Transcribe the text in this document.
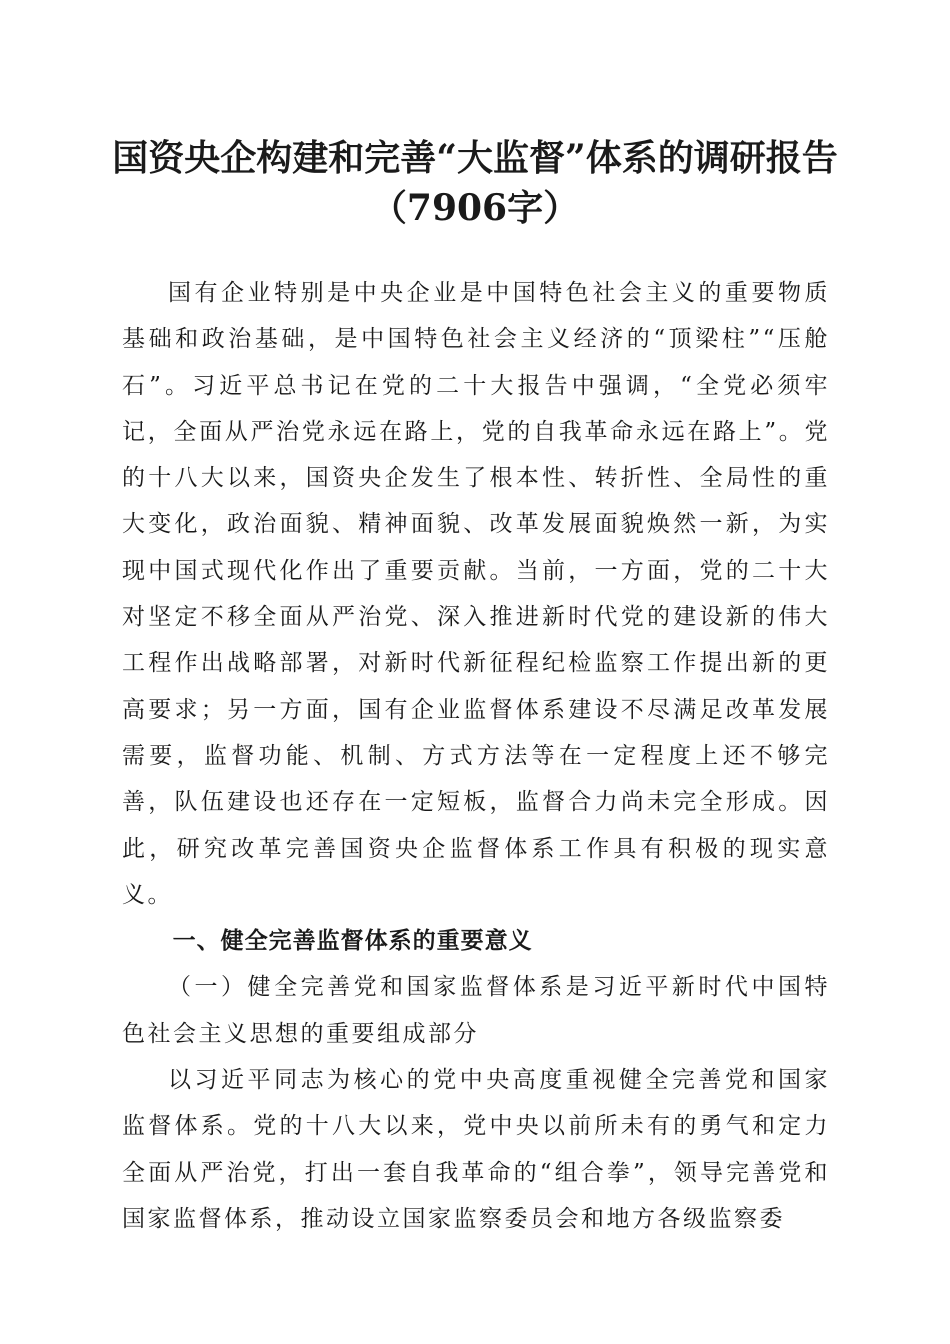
国资央企构建和完善“大监督”体系的调研报告（7906字）

国有企业特别是中央企业是中国特色社会主义的重要物质基础和政治基础，是中国特色社会主义经济的“顶梁柱”“压舱石”。习近平总书记在党的二十大报告中强调，“全党必须牢记，全面从严治党永远在路上，党的自我革命永远在路上”。党的十八大以来，国资央企发生了根本性、转折性、全局性的重大变化，政治面貌、精神面貌、改革发展面貌焕然一新，为实现中国式现代化作出了重要贡献。当前，一方面，党的二十大对坚定不移全面从严治党、深入推进新时代党的建设新的伟大工程作出战略部署，对新时代新征程纪检监察工作提出新的更高要求；另一方面，国有企业监督体系建设不尽满足改革发展需要，监督功能、机制、方式方法等在一定程度上还不够完善，队伍建设也还存在一定短板，监督合力尚未完全形成。因此，研究改革完善国资央企监督体系工作具有积极的现实意义。

一、健全完善监督体系的重要意义

（一）健全完善党和国家监督体系是习近平新时代中国特色社会主义思想的重要组成部分

以习近平同志为核心的党中央高度重视健全完善党和国家监督体系。党的十八大以来，党中央以前所未有的勇气和定力全面从严治党，打出一套自我革命的“组合拳”，领导完善党和国家监督体系，推动设立国家监察委员会和地方各级监察委
